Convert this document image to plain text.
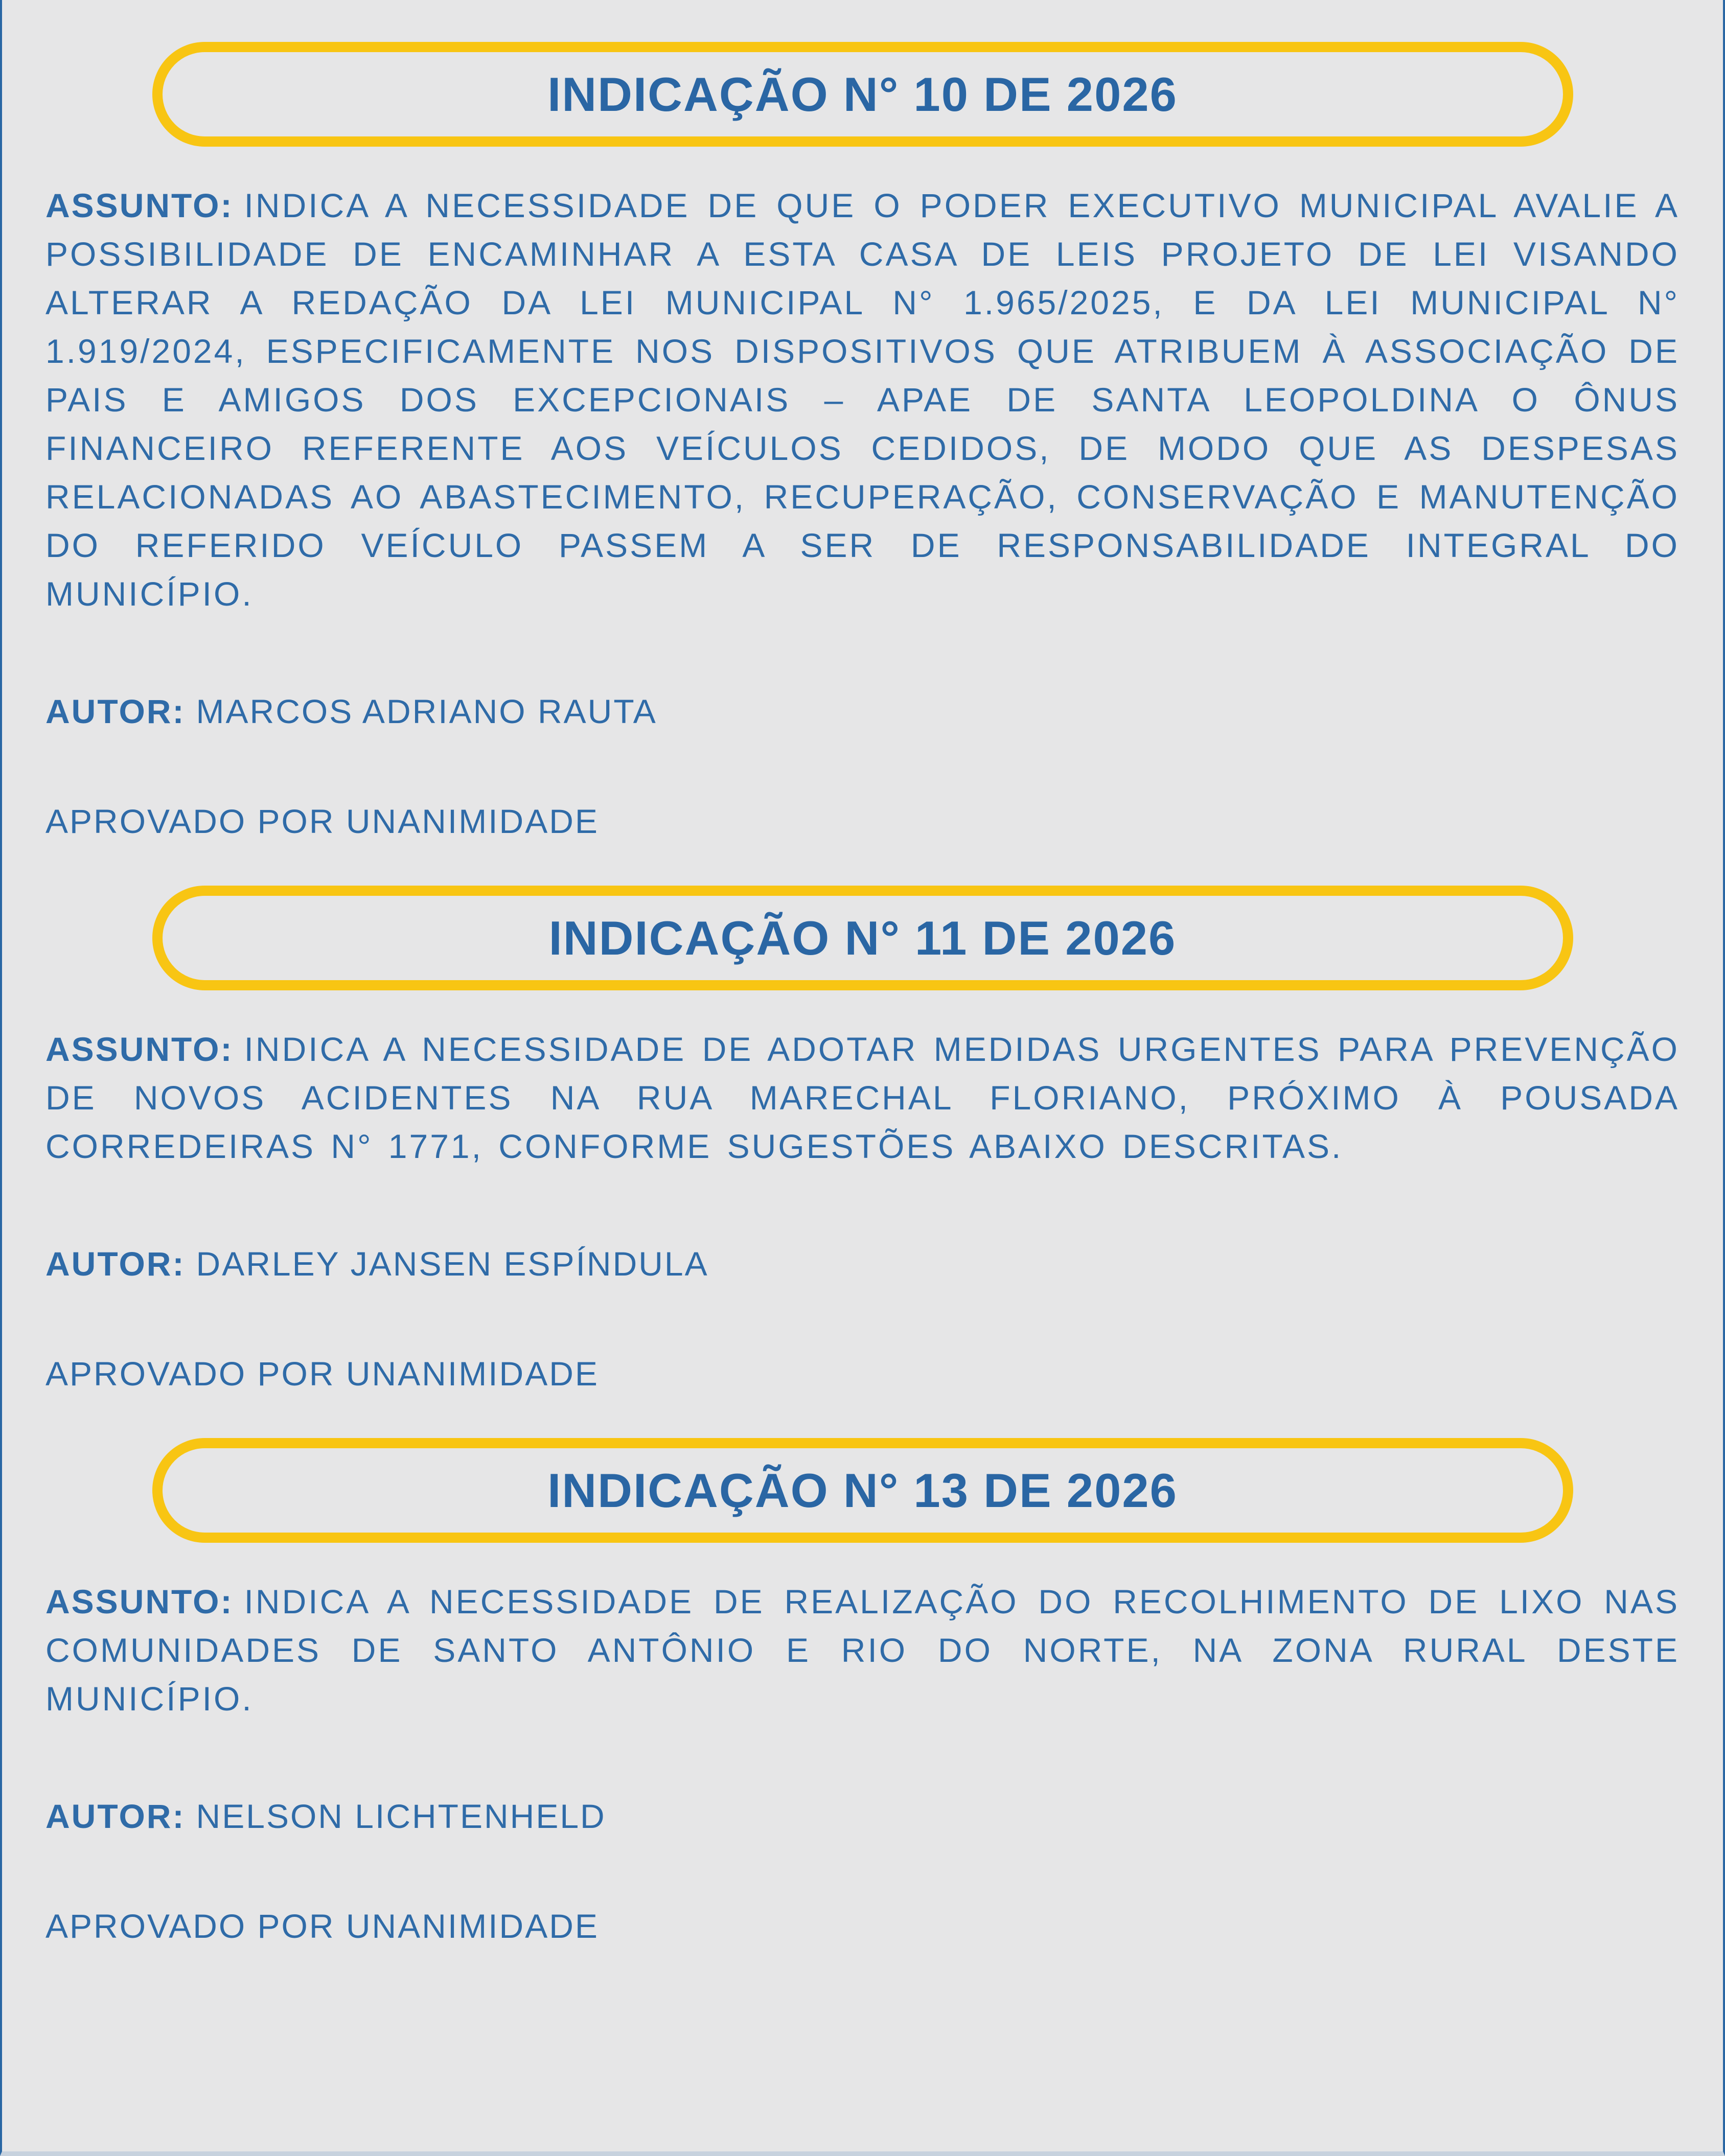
INDICAÇÃO N° 10 DE 2026

ASSUNTO: INDICA A NECESSIDADE DE QUE O PODER EXECUTIVO MUNICIPAL AVALIE A POSSIBILIDADE DE ENCAMINHAR A ESTA CASA DE LEIS PROJETO DE LEI VISANDO ALTERAR A REDAÇÃO DA LEI MUNICIPAL N° 1.965/2025, E DA LEI MUNICIPAL N° 1.919/2024, ESPECIFICAMENTE NOS DISPOSITIVOS QUE ATRIBUEM À ASSOCIAÇÃO DE PAIS E AMIGOS DOS EXCEPCIONAIS – APAE DE SANTA LEOPOLDINA O ÔNUS FINANCEIRO REFERENTE AOS VEÍCULOS CEDIDOS, DE MODO QUE AS DESPESAS RELACIONADAS AO ABASTECIMENTO, RECUPERAÇÃO, CONSERVAÇÃO E MANUTENÇÃO DO REFERIDO VEÍCULO PASSEM A SER DE RESPONSABILIDADE INTEGRAL DO MUNICÍPIO.

AUTOR: MARCOS ADRIANO RAUTA

APROVADO POR UNANIMIDADE

INDICAÇÃO N° 11 DE 2026

ASSUNTO: INDICA A NECESSIDADE DE ADOTAR MEDIDAS URGENTES PARA PREVENÇÃO DE NOVOS ACIDENTES NA RUA MARECHAL FLORIANO, PRÓXIMO À POUSADA CORREDEIRAS N° 1771, CONFORME SUGESTÕES ABAIXO DESCRITAS.

AUTOR: DARLEY JANSEN ESPÍNDULA

APROVADO POR UNANIMIDADE

INDICAÇÃO N° 13 DE 2026

ASSUNTO: INDICA A NECESSIDADE DE REALIZAÇÃO DO RECOLHIMENTO DE LIXO NAS COMUNIDADES DE SANTO ANTÔNIO E RIO DO NORTE, NA ZONA RURAL DESTE MUNICÍPIO.

AUTOR: NELSON LICHTENHELD

APROVADO POR UNANIMIDADE
